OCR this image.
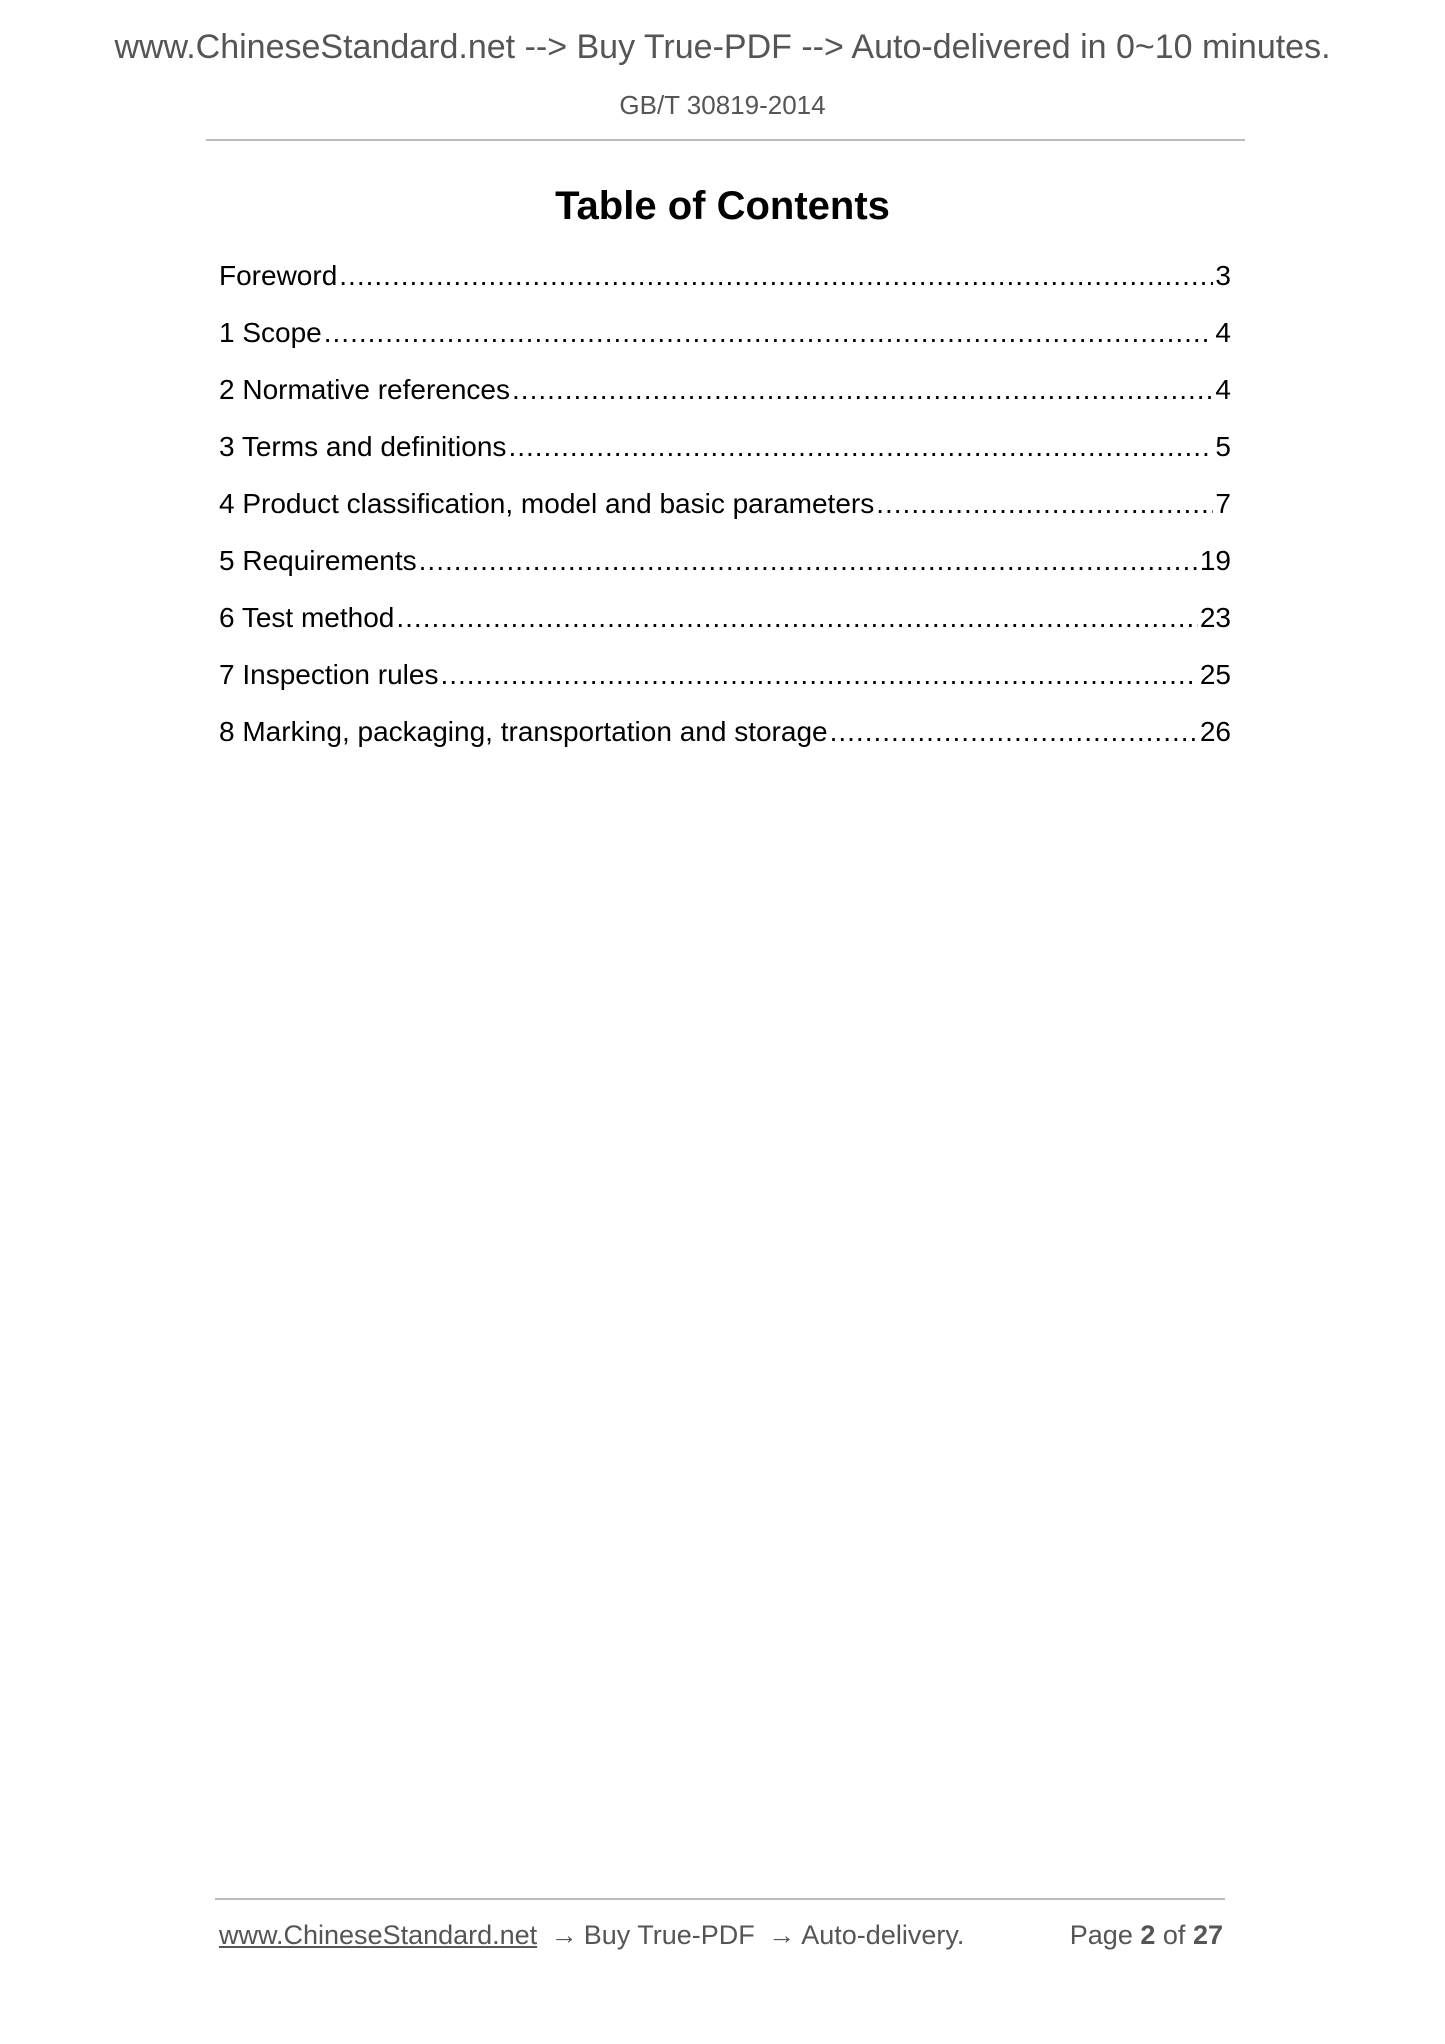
www.ChineseStandard.net --> Buy True-PDF --> Auto-delivered in 0~10 minutes.
GB/T 30819-2014
Table of Contents
Foreword .....	3
1 Scope .....	4
2 Normative references .....	4
3 Terms and definitions .....	5
4 Product classification, model and basic parameters .....	7
5 Requirements .....	19
6 Test method .....	23
7 Inspection rules .....	25
8 Marking, packaging, transportation and storage .....	26
www.ChineseStandard.net → Buy True-PDF → Auto-delivery.	Page 2 of 27
